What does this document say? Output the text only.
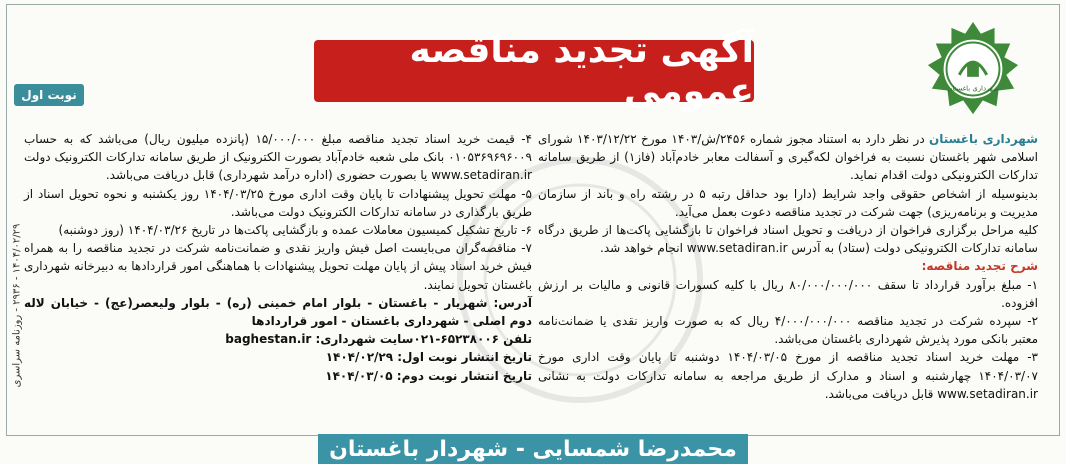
شهرداری باغستان
آگهی تجدید مناقصه عمومی
نوبت اول

شهرداری باغستان در نظر دارد به استناد مجوز شماره ۲۴۵۶/ش/۱۴۰۳ مورخ ۱۴۰۳/۱۲/۲۲ شورای اسلامی شهر باغستان نسبت به فراخوان لکه‌گیری و آسفالت معابر خادم‌آباد (فاز۱) از طریق سامانه تدارکات الکترونیکی دولت اقدام نماید.

بدینوسیله از اشخاص حقوقی واجد شرایط (دارا بود حداقل رتبه ۵ در رشته راه و باند از سازمان مدیریت و برنامه‌ریزی) جهت شرکت در تجدید مناقصه دعوت بعمل می‌آید.

کلیه مراحل برگزاری فراخوان از دریافت و تحویل اسناد فراخوان تا بازگشایی پاکت‌ها از طریق درگاه سامانه تدارکات الکترونیکی دولت (ستاد) به آدرس www.setadiran.ir انجام خواهد شد.

شرح تجدید مناقصه:

۱- مبلغ برآورد قرارداد تا سقف ۸۰/۰۰۰/۰۰۰/۰۰۰ ریال با کلیه کسورات قانونی و مالیات بر ارزش افزوده.

۲- سپرده شرکت در تجدید مناقصه ۴/۰۰۰/۰۰۰/۰۰۰ ریال که به صورت واریز نقدی یا ضمانت‌نامه معتبر بانکی مورد پذیرش شهرداری باغستان می‌باشد.

۳- مهلت خرید اسناد تجدید مناقصه از مورخ ۱۴۰۴/۰۳/۰۵ دوشنبه تا پایان وقت اداری مورخ ۱۴۰۴/۰۳/۰۷ چهارشنبه و اسناد و مدارک از طریق مراجعه به سامانه تدارکات دولت به نشانی www.setadiran.ir قابل دریافت می‌باشد.

۴- قیمت خرید اسناد تجدید مناقصه مبلغ ۱۵/۰۰۰/۰۰۰ (پانزده میلیون ریال) می‌باشد که به حساب ۰۱۰۵۳۶۹۶۹۶۰۰۹ بانک ملی شعبه خادم‌آباد بصورت الکترونیک از طریق سامانه تدارکات الکترونیک دولت www.setadiran.ir یا بصورت حضوری (اداره درآمد شهرداری) قابل دریافت می‌باشد.

۵- مهلت تحویل پیشنهادات تا پایان وقت اداری مورخ ۱۴۰۴/۰۳/۲۵ روز یکشنبه و نحوه تحویل اسناد از طریق بارگذاری در سامانه تدارکات الکترونیک دولت می‌باشد.

۶- تاریخ تشکیل کمیسیون معاملات عمده و بازگشایی پاکت‌ها در تاریخ ۱۴۰۴/۰۳/۲۶ (روز دوشنبه)

۷- مناقصه‌گران می‌بایست اصل فیش واریز نقدی و ضمانت‌نامه شرکت در تجدید مناقصه را به همراه فیش خرید اسناد پیش از پایان مهلت تحویل پیشنهادات با هماهنگی امور قراردادها به دبیرخانه شهرداری باغستان تحویل نمایند.

آدرس: شهریار - باغستان - بلوار امام خمینی (ره) - بلوار ولیعصر(عج) - خیابان لاله دوم اصلی - شهرداری باغستان - امور قراردادها

تلفن ۶۵۲۳۸۰۰۶-۰۲۱سایت شهرداری: baghestan.ir

تاریخ انتشار نوبت اول: ۱۴۰۴/۰۲/۲۹

تاریخ انتشار نوبت دوم: ۱۴۰۴/۰۳/۰۵

۱۴۰۴/۰۲/۲۹ - ۲۹۳۶ - روزنامه سراسری
محمدرضا شمسایی - شهردار باغستان
